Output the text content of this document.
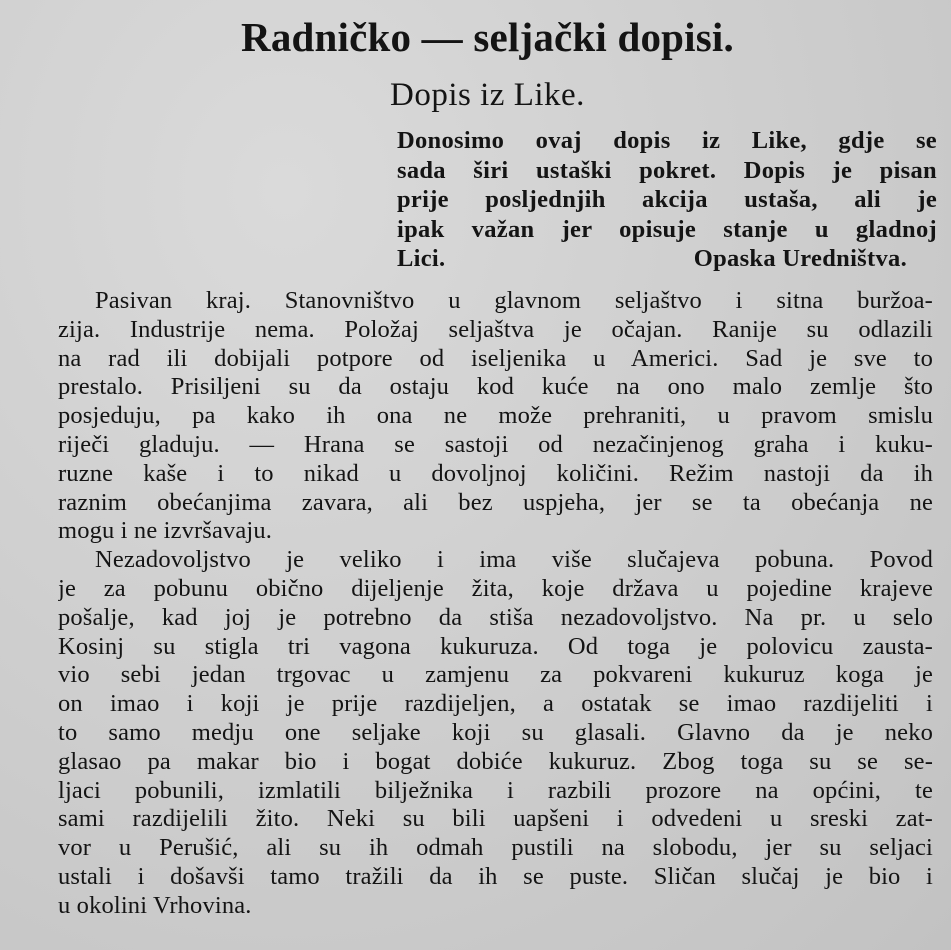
Radničko — seljački dopisi.
Dopis iz Like.
Donosimo ovaj dopis iz Like, gdje se
sada širi ustaški pokret. Dopis je pisan
prije posljednjih akcija ustaša, ali je
ipak važan jer opisuje stanje u gladnoj
Lici.	Opaska Uredništva.
Pasivan kraj. Stanovništvo u glavnom seljaštvo i sitna buržoa-
zija. Industrije nema. Položaj seljaštva je očajan. Ranije su odlazili
na rad ili dobijali potpore od iseljenika u Americi. Sad je sve to
prestalo. Prisiljeni su da ostaju kod kuće na ono malo zemlje što
posjeduju, pa kako ih ona ne može prehraniti, u pravom smislu
riječi gladuju. — Hrana se sastoji od nezačinjenog graha i kuku-
ruzne kaše i to nikad u dovoljnoj količini. Režim nastoji da ih
raznim obećanjima zavara, ali bez uspjeha, jer se ta obećanja ne
mogu i ne izvršavaju.
Nezadovoljstvo je veliko i ima više slučajeva pobuna. Povod
je za pobunu obično dijeljenje žita, koje država u pojedine krajeve
pošalje, kad joj je potrebno da stiša nezadovoljstvo. Na pr. u selo
Kosinj su stigla tri vagona kukuruza. Od toga je polovicu zausta-
vio sebi jedan trgovac u zamjenu za pokvareni kukuruz koga je
on imao i koji je prije razdijeljen, a ostatak se imao razdijeliti i
to samo medju one seljake koji su glasali. Glavno da je neko
glasao pa makar bio i bogat dobiće kukuruz. Zbog toga su se se-
ljaci pobunili, izmlatili bilježnika i razbili prozore na općini, te
sami razdijelili žito. Neki su bili uapšeni i odvedeni u sreski zat-
vor u Perušić, ali su ih odmah pustili na slobodu, jer su seljaci
ustali i došavši tamo tražili da ih se puste. Sličan slučaj je bio i
u okolini Vrhovina.
